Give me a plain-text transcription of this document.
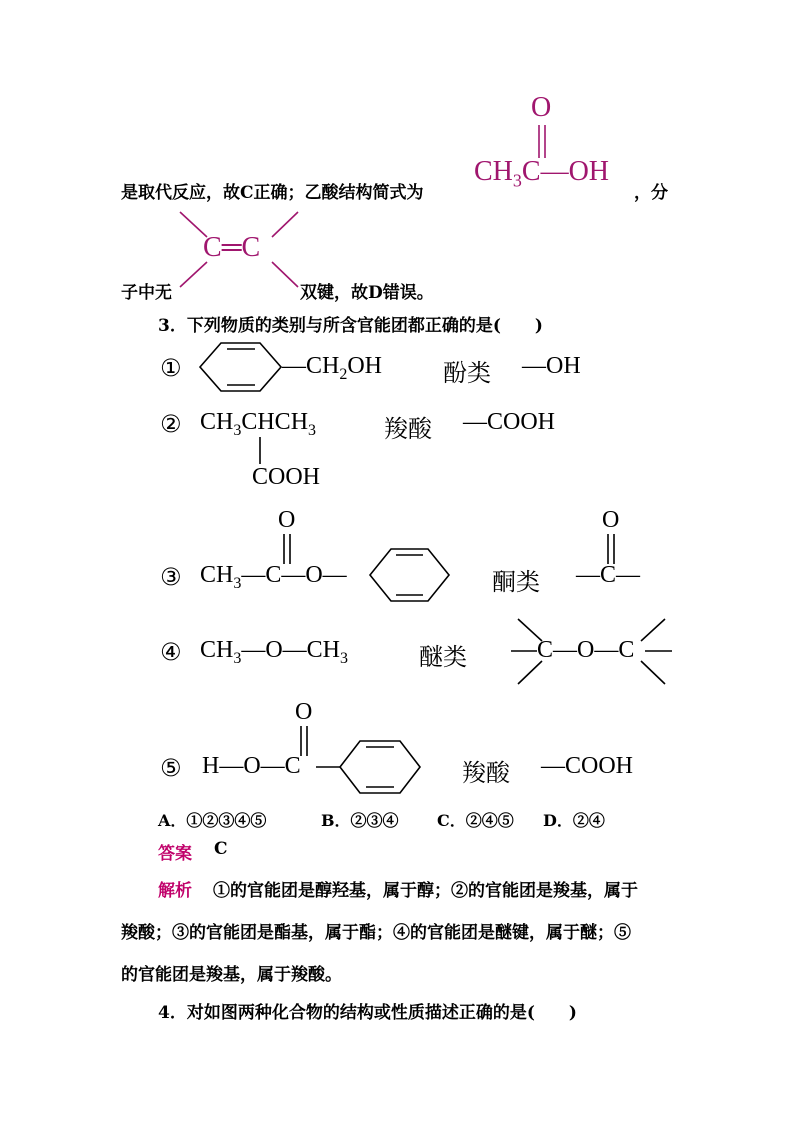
是取代反应，故C正确；乙酸结构简式为	，分
O
$CH_3C—OH$
子中无
C═C
双键，故D错误。
3．下列物质的类别与所含官能团都正确的是(　　)
①	$—CH_2OH$	酚类 —OH
② $CH_3CHCH_3$
COOH
羧酸 —COOH
③
O
$CH_3—C—O—$	酮类
O
—C—
④ $CH_3—O—CH_3$	醚类	C—O—C
⑤
O
H—O—C	羧酸 —COOH
A．①②③④⑤	B．②③④ C．②④⑤ D．②④
答案 C
解析 ①的官能团是醇羟基，属于醇；②的官能团是羧基，属于
羧酸；③的官能团是酯基，属于酯；④的官能团是醚键，属于醚；⑤
的官能团是羧基，属于羧酸。
4．对如图两种化合物的结构或性质描述正确的是(　　)
